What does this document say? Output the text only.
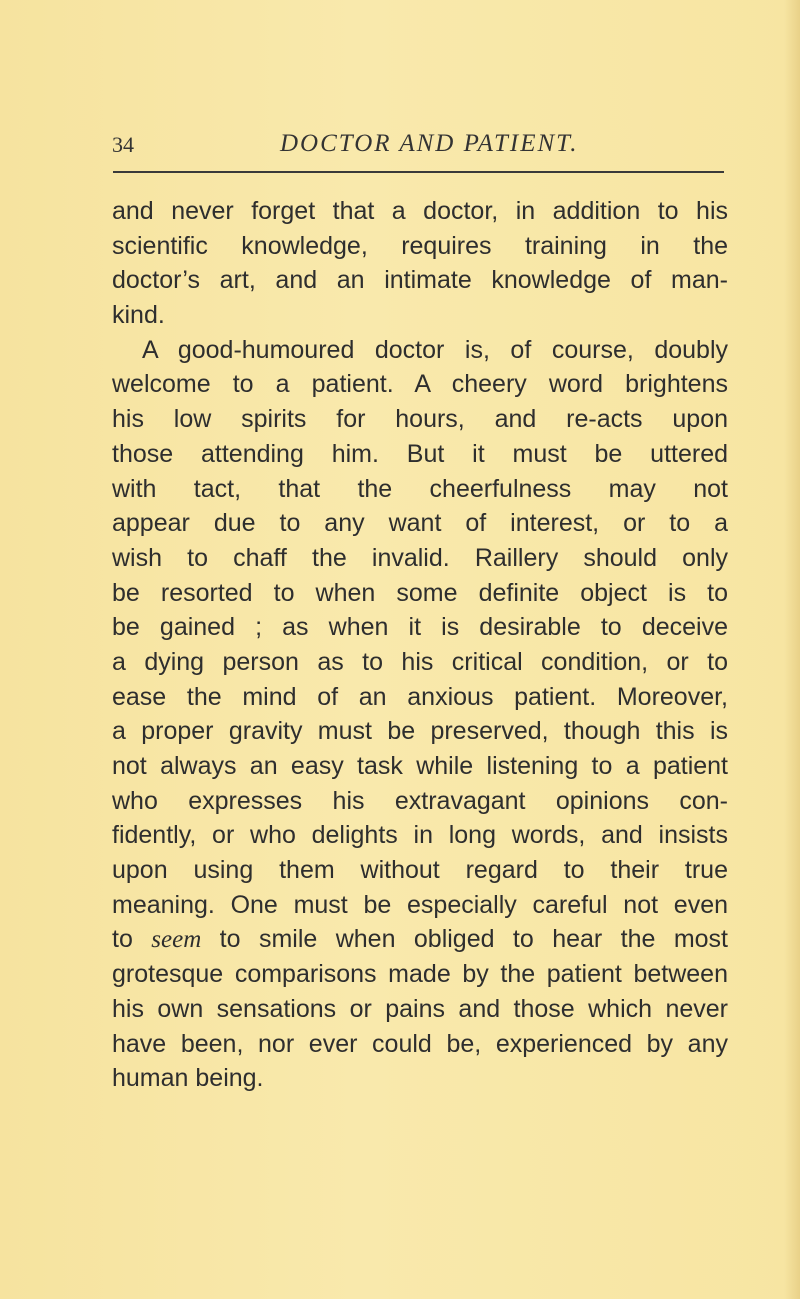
34	DOCTOR AND PATIENT.
and never forget that a doctor, in addition to his
scientific knowledge, requires training in the
doctor’s art, and an intimate knowledge of man-
kind.
A good-humoured doctor is, of course, doubly
welcome to a patient. A cheery word brightens
his low spirits for hours, and re-acts upon
those attending him. But it must be uttered
with tact, that the cheerfulness may not
appear due to any want of interest, or to a
wish to chaff the invalid. Raillery should only
be resorted to when some definite object is to
be gained ; as when it is desirable to deceive
a dying person as to his critical condition, or to
ease the mind of an anxious patient. Moreover,
a proper gravity must be preserved, though this is
not always an easy task while listening to a patient
who expresses his extravagant opinions con-
fidently, or who delights in long words, and insists
upon using them without regard to their true
meaning. One must be especially careful not even
to seem to smile when obliged to hear the most
grotesque comparisons made by the patient between
his own sensations or pains and those which never
have been, nor ever could be, experienced by any
human being.
